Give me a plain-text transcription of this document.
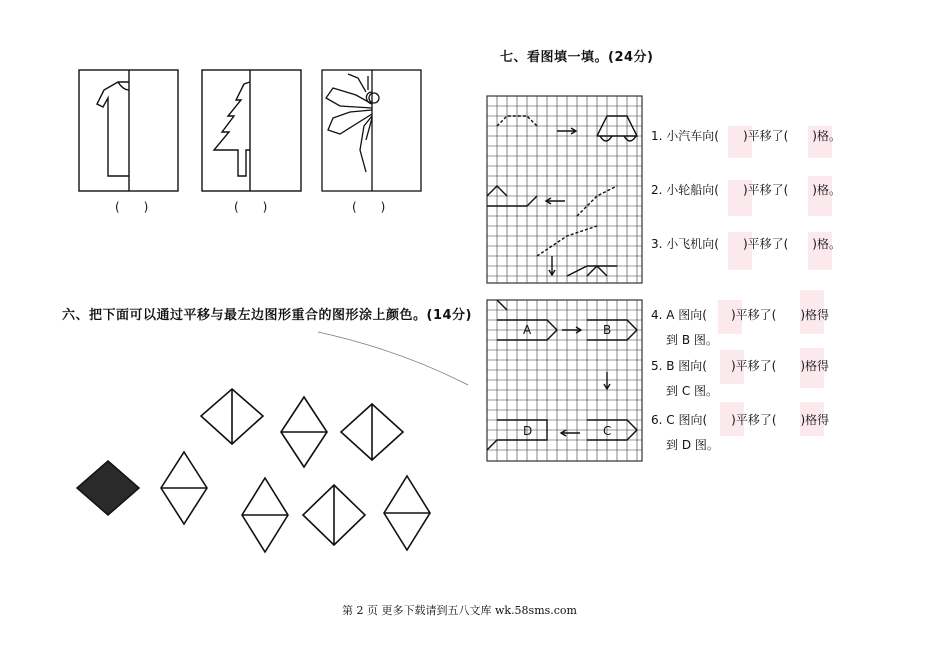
(　　)	(　　)	(　　)
A	B
C
D
七、看图填一填。(24分)
1. 小汽车向(　　)平移了(　　)格。
2. 小轮船向(　　)平移了(　　)格。
3. 小飞机向(　　)平移了(　　)格。
4. A 图向(　　)平移了(　　)格得
到 B 图。
5. B 图向(　　)平移了(　　)格得
到 C 图。
6. C 图向(　　)平移了(　　)格得
到 D 图。
六、把下面可以通过平移与最左边图形重合的图形涂上颜色。(14分)
第 2 页 更多下载请到五八文库 wk.58sms.com
